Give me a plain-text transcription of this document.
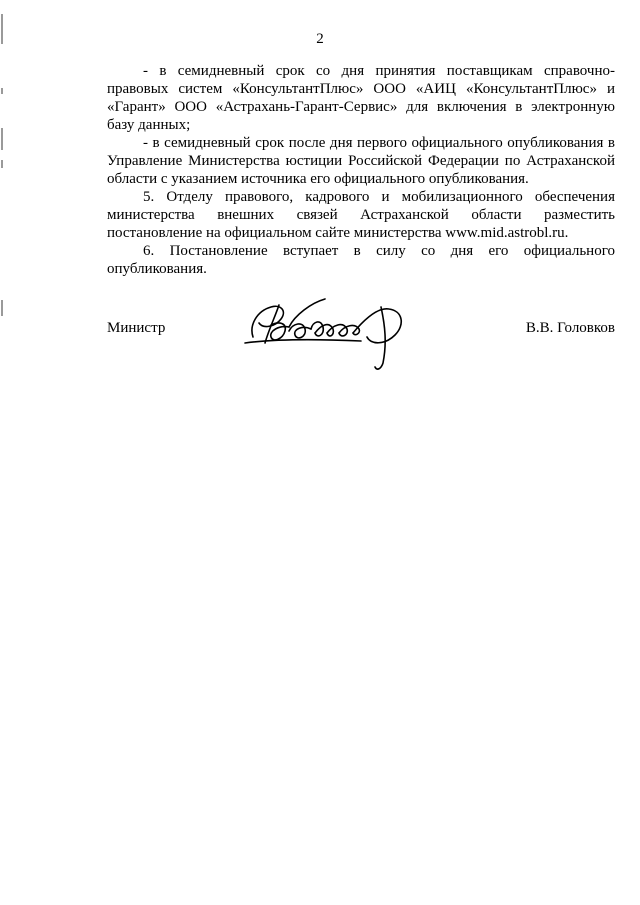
2

- в семидневный срок со дня принятия поставщикам справочно-правовых систем «КонсультантПлюс» ООО «АИЦ «КонсультантПлюс» и «Гарант» ООО «Астрахань-Гарант-Сервис» для включения в электронную базу данных;

- в семидневный срок после дня первого официального опубликования в Управление Министерства юстиции Российской Федерации по Астраханской области с указанием источника его официального опубликования.

5. Отделу правового, кадрового и мобилизационного обеспечения министерства внешних связей Астраханской области разместить постановление на официальном сайте министерства www.mid.astrobl.ru.

6. Постановление вступает в силу со дня его официального опубликования.

Министр	В.В. Головков
